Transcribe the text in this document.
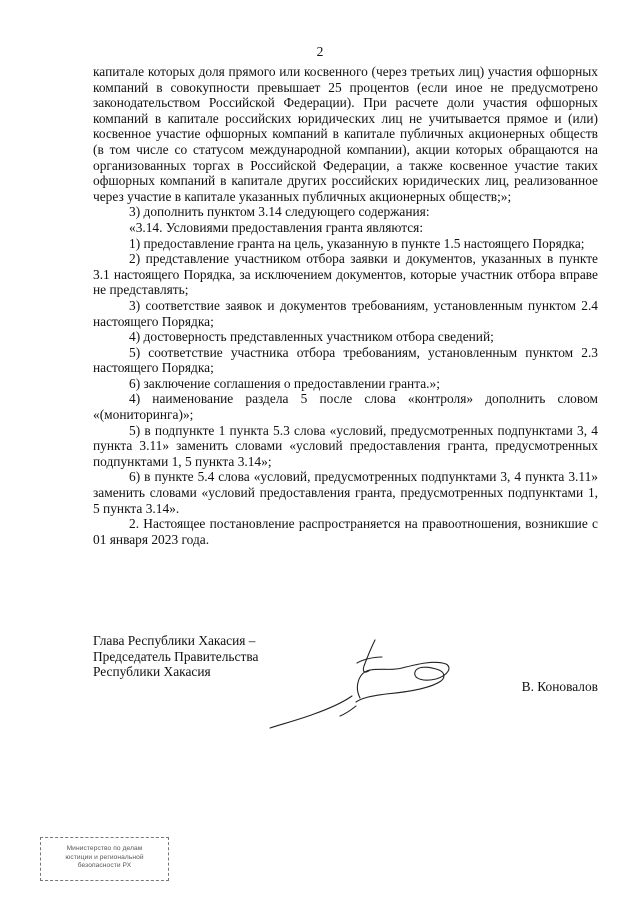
2

капитале которых доля прямого или косвенного (через третьих лиц) участия офшорных компаний в совокупности превышает 25 процентов (если иное не предусмотрено законодательством Российской Федерации). При расчете доли участия офшорных компаний в капитале российских юридических лиц не учитывается прямое и (или) косвенное участие офшорных компаний в капитале публичных акционерных обществ (в том числе со статусом международной компании), акции которых обращаются на организованных торгах в Российской Федерации, а также косвенное участие таких офшорных компаний в капитале других российских юридических лиц, реализованное через участие в капитале указанных публичных акционерных обществ;»;

3) дополнить пунктом 3.14 следующего содержания:

«3.14. Условиями предоставления гранта являются:

1) предоставление гранта на цель, указанную в пункте 1.5 настоящего Порядка;

2) представление участником отбора заявки и документов, указанных в пункте 3.1 настоящего Порядка, за исключением документов, которые участник отбора вправе не представлять;

3) соответствие заявок и документов требованиям, установленным пунктом 2.4 настоящего Порядка;

4) достоверность представленных участником отбора сведений;

5) соответствие участника отбора требованиям, установленным пунктом 2.3 настоящего Порядка;

6) заключение соглашения о предоставлении гранта.»;

4) наименование раздела 5 после слова «контроля» дополнить словом «(мониторинга)»;

5) в подпункте 1 пункта 5.3 слова «условий, предусмотренных подпунктами 3, 4 пункта 3.11» заменить словами «условий предоставления гранта, предусмотренных подпунктами 1, 5 пункта 3.14»;

6) в пункте 5.4 слова «условий, предусмотренных подпунктами 3, 4 пункта 3.11» заменить словами «условий предоставления гранта, предусмотренных подпунктами 1, 5 пункта 3.14».

2. Настоящее постановление распространяется на правоотношения, возникшие с 01 января 2023 года.

Глава Республики Хакасия –
Председатель Правительства
Республики Хакасия
В. Коновалов
Министерство по делам
юстиции и региональной
безопасности РХ
